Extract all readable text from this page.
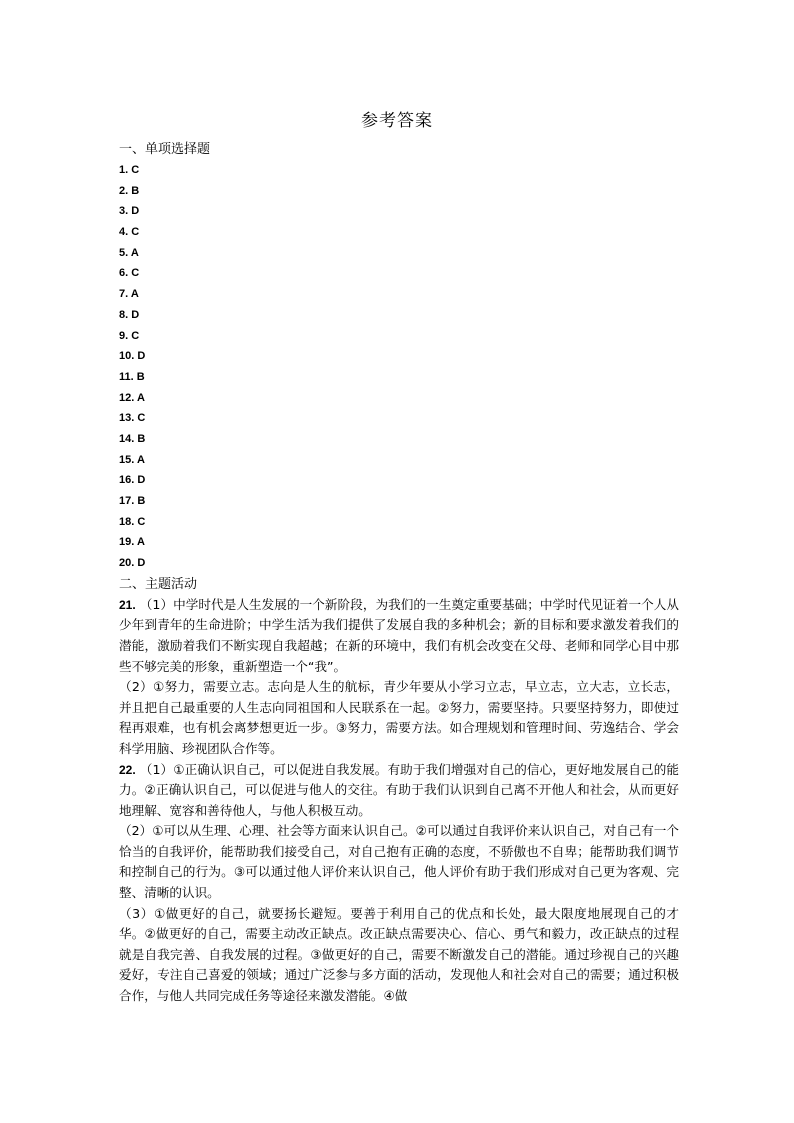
参考答案
一、单项选择题
1. C
2. B
3. D
4. C
5. A
6. C
7. A
8. D
9. C
10. D
11. B
12. A
13. C
14. B
15. A
16. D
17. B
18. C
19. A
20. D
二、主题活动

21. （1）中学时代是人生发展的一个新阶段，为我们的一生奠定重要基础；中学时代见证着一个人从少年到青年的生命进阶；中学生活为我们提供了发展自我的多种机会；新的目标和要求激发着我们的潜能，激励着我们不断实现自我超越；在新的环境中，我们有机会改变在父母、老师和同学心目中那些不够完美的形象，重新塑造一个“我”。

（2）①努力，需要立志。志向是人生的航标，青少年要从小学习立志，早立志，立大志，立长志，并且把自己最重要的人生志向同祖国和人民联系在一起。②努力，需要坚持。只要坚持努力，即使过程再艰难，也有机会离梦想更近一步。③努力，需要方法。如合理规划和管理时间、劳逸结合、学会科学用脑、珍视团队合作等。

22. （1）①正确认识自己，可以促进自我发展。有助于我们增强对自己的信心，更好地发展自己的能力。②正确认识自己，可以促进与他人的交往。有助于我们认识到自己离不开他人和社会，从而更好地理解、宽容和善待他人，与他人积极互动。

（2）①可以从生理、心理、社会等方面来认识自己。②可以通过自我评价来认识自己，对自己有一个恰当的自我评价，能帮助我们接受自己，对自己抱有正确的态度，不骄傲也不自卑；能帮助我们调节和控制自己的行为。③可以通过他人评价来认识自己，他人评价有助于我们形成对自己更为客观、完整、清晰的认识。

（3）①做更好的自己，就要扬长避短。要善于利用自己的优点和长处，最大限度地展现自己的才华。②做更好的自己，需要主动改正缺点。改正缺点需要决心、信心、勇气和毅力，改正缺点的过程就是自我完善、自我发展的过程。③做更好的自己，需要不断激发自己的潜能。通过珍视自己的兴趣爱好，专注自己喜爱的领域；通过广泛参与多方面的活动，发现他人和社会对自己的需要；通过积极合作，与他人共同完成任务等途径来激发潜能。④做
